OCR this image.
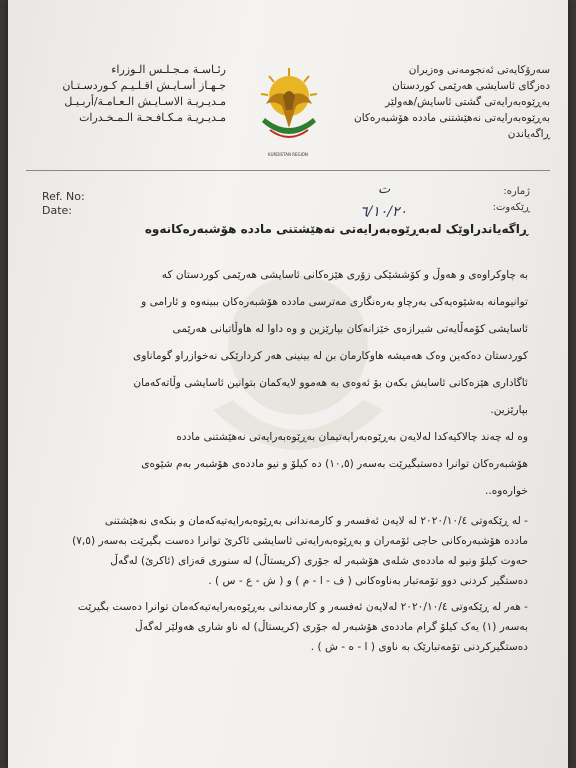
سەرۆکایەتی ئەنجومەنی وەزیران
دەزگای ئاسایشی هەرێمی کوردستان
بەڕێوەبەرایەتی گشتی ئاسایش/هەولێر
بەڕێوەبەرایەتی نەهێشتنی ماددە هۆشبەرەکان
ڕاگەیاندن
KURDISTAN REGION
رئـاسـة مـجـلـس الـوزراء
جـهـاز أسـايـش اقـلـيـم كـوردسـتـان
مـديـريـة الاسـايـش الـعـامـة/أربـيـل
مـديـريـة مـكـافـحـة الـمـخـدرات
Ref. No:
Date:
ژمارە:
ڕێکەوت:
ت
٦/١٠/٢٠
ڕاگەیاندراوێک لەبەڕێوەبەرایەتی نەهێشتنی ماددە هۆشبەرەکانەوە
بە چاوکراوەی و هەوڵ و کۆششێکی زۆری هێزەکانی ئاسایشی هەرێمی کوردستان کە
توانیومانە بەشێوەیەکی بەرچاو بەرەنگاری مەترسی ماددە هۆشبەرەکان ببینەوە و ئارامی و
ئاسایشی کۆمەڵایەتی شیرازەی خێزانەکان بپارێزین و وە داوا لە هاوڵاتیانی هەرێمی
کوردستان دەکەین وەک هەمیشە هاوکارمان بن لە بینینی هەر کردارێکی نەخوازراو گوماناوی
ئاگاداری هێزەکانی ئاسایش بکەن بۆ ئەوەی بە هەموو لایەکمان بتوانین ئاسایشی وڵاتەکەمان
بپارێزین.
وە لە چەند چالاکیەکدا لەلایەن بەڕێوەبەرایەتیمان بەڕێوەبەرایەتی نەهێشتنی ماددە
هۆشبەرەکان توانرا دەستبگیرێت بەسەر (١٠,٥) دە کیلۆ و نیو ماددەی هۆشبەر بەم شێوەی
خوارەوە..
- لە ڕێکەوتی ٢٠٢٠/١٠/٤ لە لایەن ئەفسەر و کارمەندانی بەڕێوەبەرایەتیەکەمان و بنکەی نەهێشتنی
ماددە هۆشبەرەکانی حاجی ئۆمەران و بەڕێوەبەرایەتی ئاسایشی ئاکرێ توانرا دەست بگیرێت بەسەر (٧,٥)
حەوت کیلۆ ونیو لە ماددەی شلەی هۆشبەر لە جۆری (کریستاڵ) لە سنوری قەزای (ئاکرێ) لەگەڵ
دەستگیر کردنی دوو تۆمەتبار بەناوەکانی ( ف - ا - م ) و ( ش - ع - س ) .
- هەر لە ڕێکەوتی ٢٠٢٠/١٠/٤ لەلایەن ئەفسەر و کارمەندانی بەڕێوەبەرایەتیەکەمان توانرا دەست بگیرێت
بەسەر (١) یەک کیلۆ گرام ماددەی هۆشبەر لە جۆری (کریستاڵ) لە ناو شاری هەولێر لەگەڵ
دەستگیرکردنی تۆمەتبارێک بە ناوی ( ا - ه - ش ) .
